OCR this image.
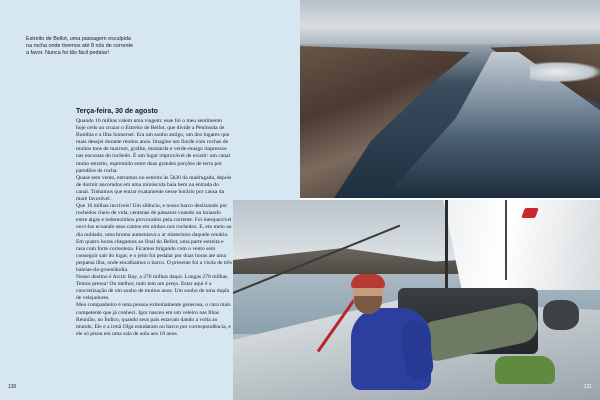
Estreito de Bellot, uma passagem esculpida na rocha onde tivemos até 8 nós de corrente a favor. Nunca foi tão fácil pedalar!
Terça-feira, 30 de agosto

Quando 16 milhas valem uma viagem: esse foi o meu sentimento hoje cedo ao cruzar o Estreito de Bellot, que divide a Península de Boothia e a Ilha Somerset. Era um sonho antigo, um dos lugares que mais desejei durante muitos anos. Imagine um fiorde com rochas de muitos tons de marrom, grafite, mostarda e verde-musgo impressos nas encostas do rochedo. É um lugar improvável de existir: um canal muito estreito, espremido entre duas grandes porções de terra por paredões de rocha.

Quase sem vento, entramos no estreito às 5h30 da madrugada, depois de dormir ancorados em uma minúscula baía bem na entrada do canal. Tínhamos que entrar exatamente nesse horário por causa da maré favorável.

Que 16 milhas incríveis! Um silêncio, e nosso barco deslizando por rochedos cheio de vida, centenas de pássaros voando ou boiando entre algas e redemoinhos provocados pela corrente. Foi inesquecível ouvi-los ecoando seus cantos em ninhos nos rochedos. E, em meio ao dia nublado, uma bruma aumentava o ar misterioso daquele cenário.

Em quatro horas chegamos ao final do Bellot, uma parte estreita e rasa com forte correnteza. Ficamos brigando com o vento sem conseguir sair do lugar, e o jeito foi pedalar por duas horas até uma pequena ilha, onde encalhamos o barco. O presente foi a visita de três baleias-da-groenlândia.

Nosso destino é Arctic Bay, a 270 milhas daqui. Longas 270 milhas. Temos pressa! Ou melhor, tudo tem um preço. Estar aqui é a concretização de um sonho de muitos anos. Um sonho de uma dupla de velejadores.

Meu companheiro é uma pessoa extremamente generosa, o cara mais competente que já conheci. Igor nasceu em um veleiro nas Ilhas Reunião, no Índico, quando seus pais estavam dando a volta ao mundo. Ele e a irmã Olga estudaram no barco por correspondência, e ele só pisou em uma sala de aula aos 18 anos.

130	131
